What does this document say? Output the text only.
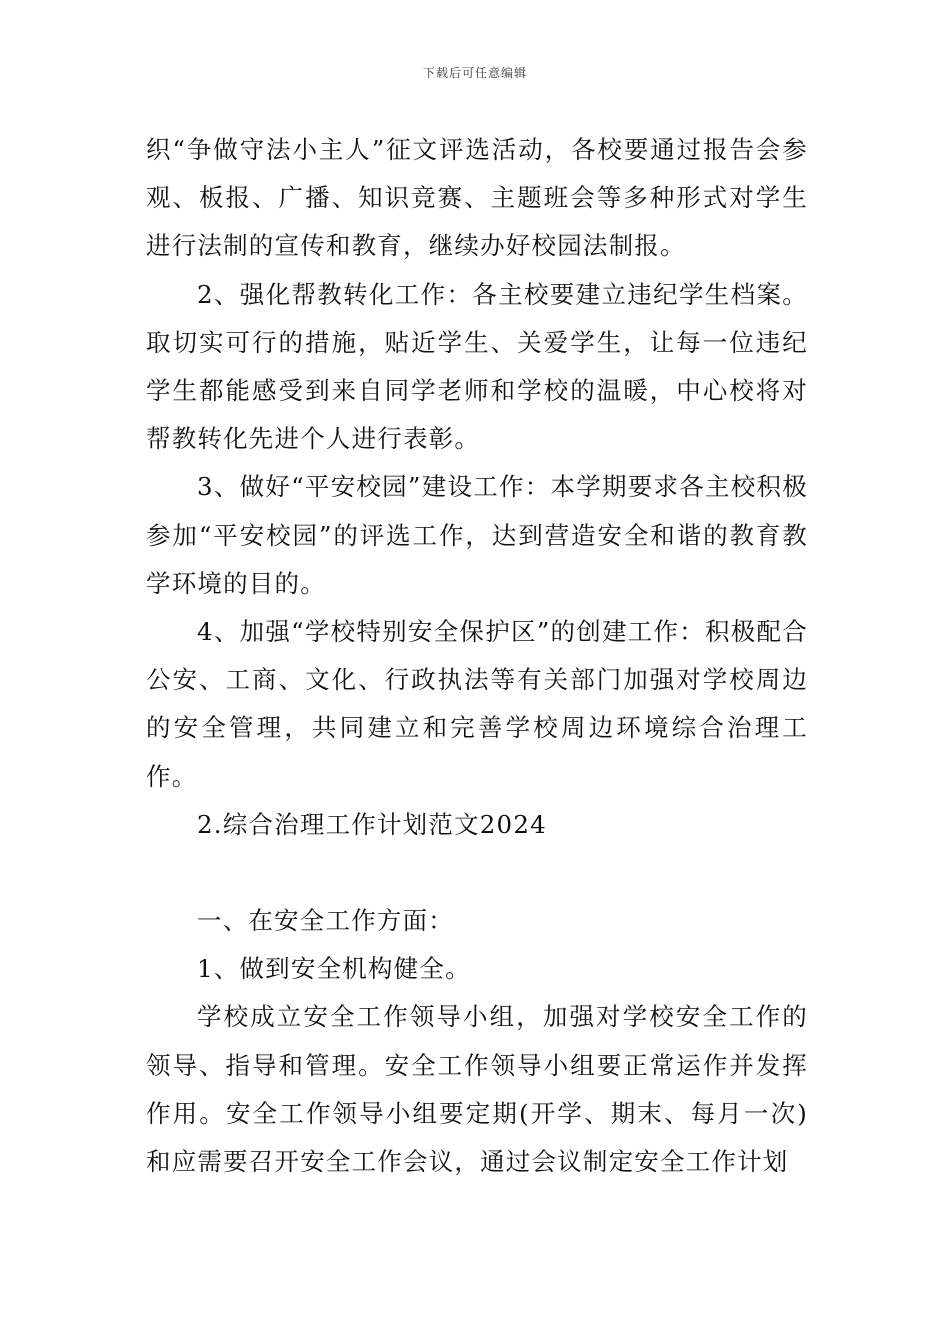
下载后可任意编辑

织“争做守法小主人”征文评选活动，各校要通过报告会参观、板报、广播、知识竞赛、主题班会等多种形式对学生进行法制的宣传和教育，继续办好校园法制报。

2、强化帮教转化工作：各主校要建立违纪学生档案。取切实可行的措施，贴近学生、关爱学生，让每一位违纪学生都能感受到来自同学老师和学校的温暖，中心校将对帮教转化先进个人进行表彰。

3、做好“平安校园”建设工作：本学期要求各主校积极参加“平安校园”的评选工作，达到营造安全和谐的教育教学环境的目的。

4、加强“学校特别安全保护区”的创建工作：积极配合公安、工商、文化、行政执法等有关部门加强对学校周边的安全管理，共同建立和完善学校周边环境综合治理工作。

2.综合治理工作计划范文2024

一、在安全工作方面：

1、做到安全机构健全。

学校成立安全工作领导小组，加强对学校安全工作的领导、指导和管理。安全工作领导小组要正常运作并发挥作用。安全工作领导小组要定期(开学、期末、每月一次)和应需要召开安全工作会议，通过会议制定安全工作计划
